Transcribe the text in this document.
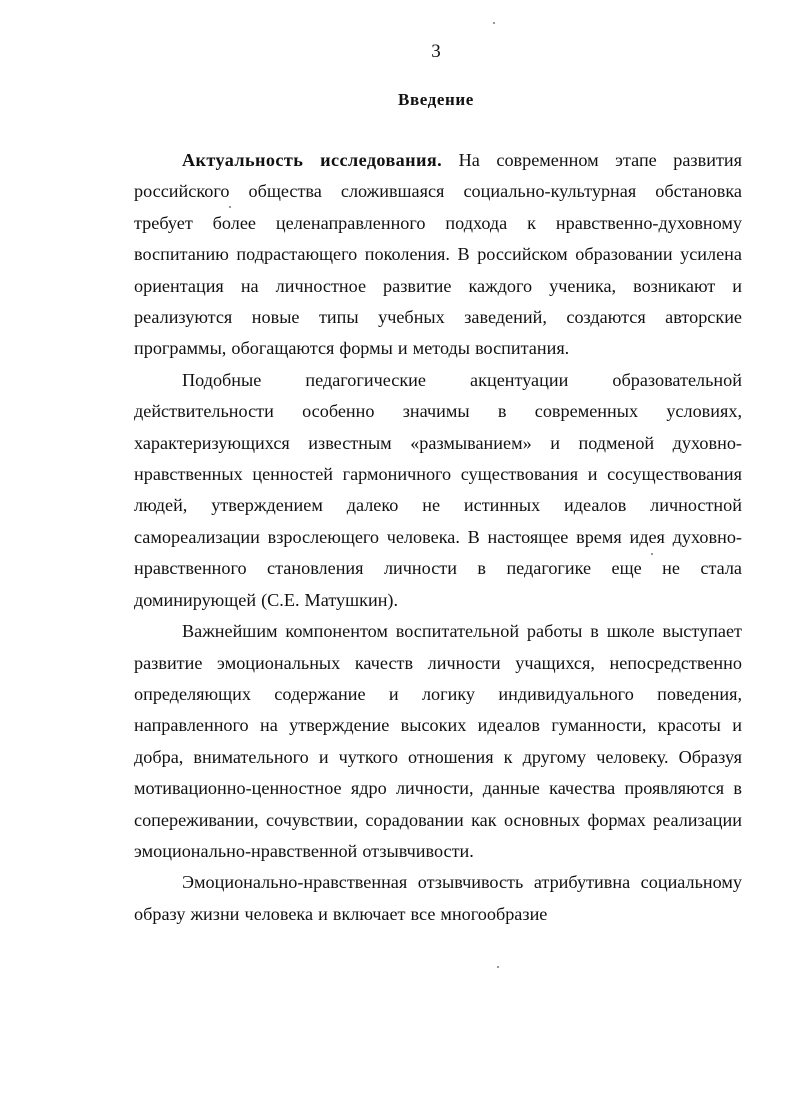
3
Введение

Актуальность исследования. На современном этапе развития российского общества сложившаяся социально-культурная обстановка требует более целенаправленного подхода к нравственно-духовному воспитанию подрастающего поколения. В российском образовании усилена ориентация на личностное развитие каждого ученика, возникают и реализуются новые типы учебных заведений, создаются авторские программы, обогащаются формы и методы воспитания.

Подобные педагогические акцентуации образовательной действительности особенно значимы в современных условиях, характеризующихся известным «размыванием» и подменой духовно-нравственных ценностей гармоничного существования и сосуществования людей, утверждением далеко не истинных идеалов личностной самореализации взрослеющего человека. В настоящее время идея духовно-нравственного становления личности в педагогике еще не стала доминирующей (С.Е. Матушкин).

Важнейшим компонентом воспитательной работы в школе выступает развитие эмоциональных качеств личности учащихся, непосредственно определяющих содержание и логику индивидуального поведения, направленного на утверждение высоких идеалов гуманности, красоты и добра, внимательного и чуткого отношения к другому человеку. Образуя мотивационно-ценностное ядро личности, данные качества проявляются в сопереживании, сочувствии, сорадовании как основных формах реализации эмоционально-нравственной отзывчивости.

Эмоционально-нравственная отзывчивость атрибутивна социальному образу жизни человека и включает все многообразие
